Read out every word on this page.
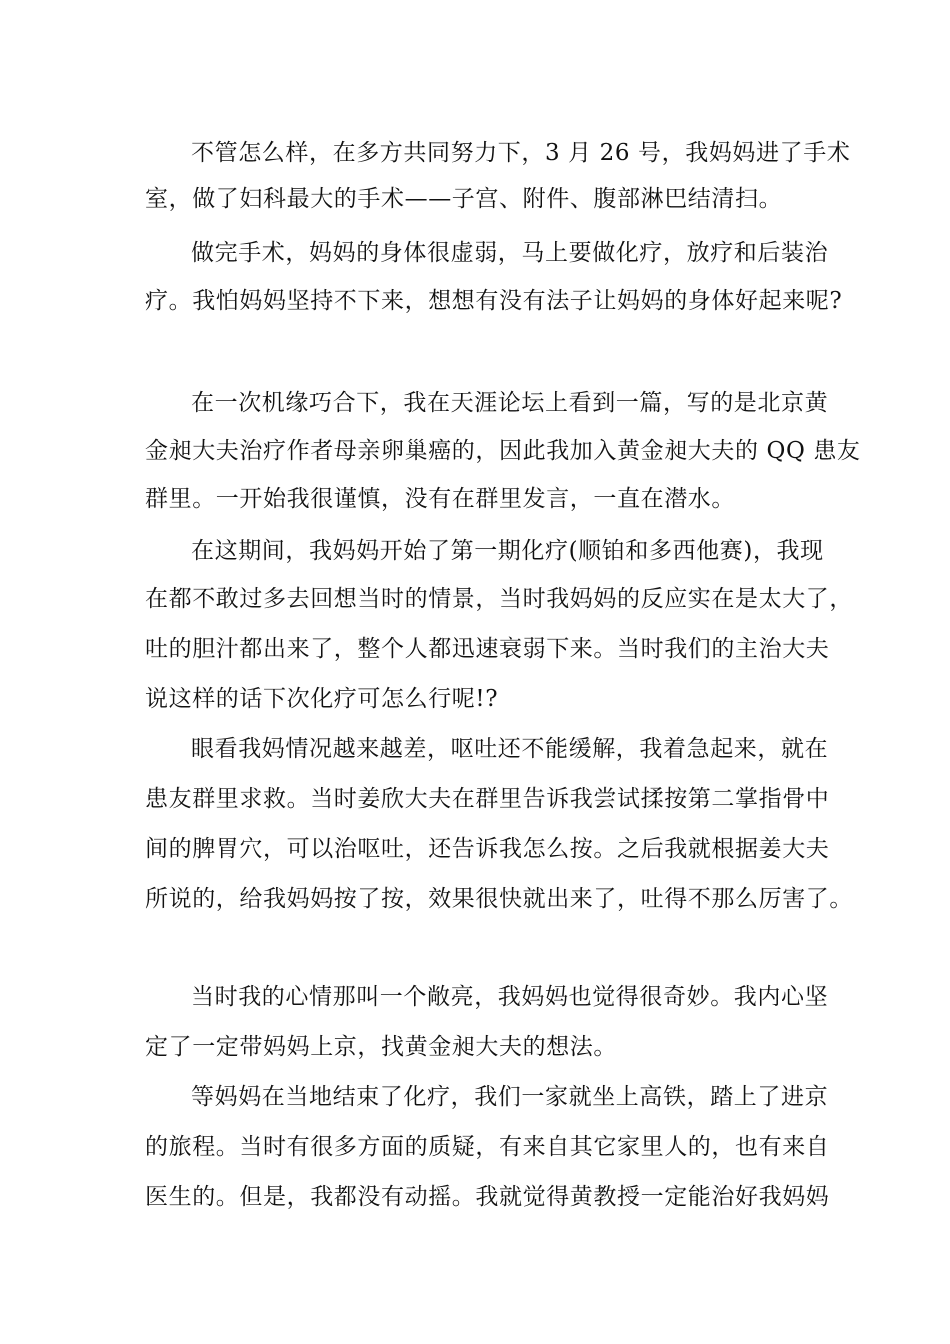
不管怎么样，在多方共同努力下，3 月 26 号，我妈妈进了手术
室，做了妇科最大的手术——子宫、附件、腹部淋巴结清扫。
做完手术，妈妈的身体很虚弱，马上要做化疗，放疗和后装治
疗。我怕妈妈坚持不下来，想想有没有法子让妈妈的身体好起来呢?
在一次机缘巧合下，我在天涯论坛上看到一篇，写的是北京黄
金昶大夫治疗作者母亲卵巢癌的，因此我加入黄金昶大夫的 QQ 患友
群里。一开始我很谨慎，没有在群里发言，一直在潜水。
在这期间，我妈妈开始了第一期化疗(顺铂和多西他赛)，我现
在都不敢过多去回想当时的情景，当时我妈妈的反应实在是太大了，
吐的胆汁都出来了，整个人都迅速衰弱下来。当时我们的主治大夫
说这样的话下次化疗可怎么行呢!?
眼看我妈情况越来越差，呕吐还不能缓解，我着急起来，就在
患友群里求救。当时姜欣大夫在群里告诉我尝试揉按第二掌指骨中
间的脾胃穴，可以治呕吐，还告诉我怎么按。之后我就根据姜大夫
所说的，给我妈妈按了按，效果很快就出来了，吐得不那么厉害了。
当时我的心情那叫一个敞亮，我妈妈也觉得很奇妙。我内心坚
定了一定带妈妈上京，找黄金昶大夫的想法。
等妈妈在当地结束了化疗，我们一家就坐上高铁，踏上了进京
的旅程。当时有很多方面的质疑，有来自其它家里人的，也有来自
医生的。但是，我都没有动摇。我就觉得黄教授一定能治好我妈妈
